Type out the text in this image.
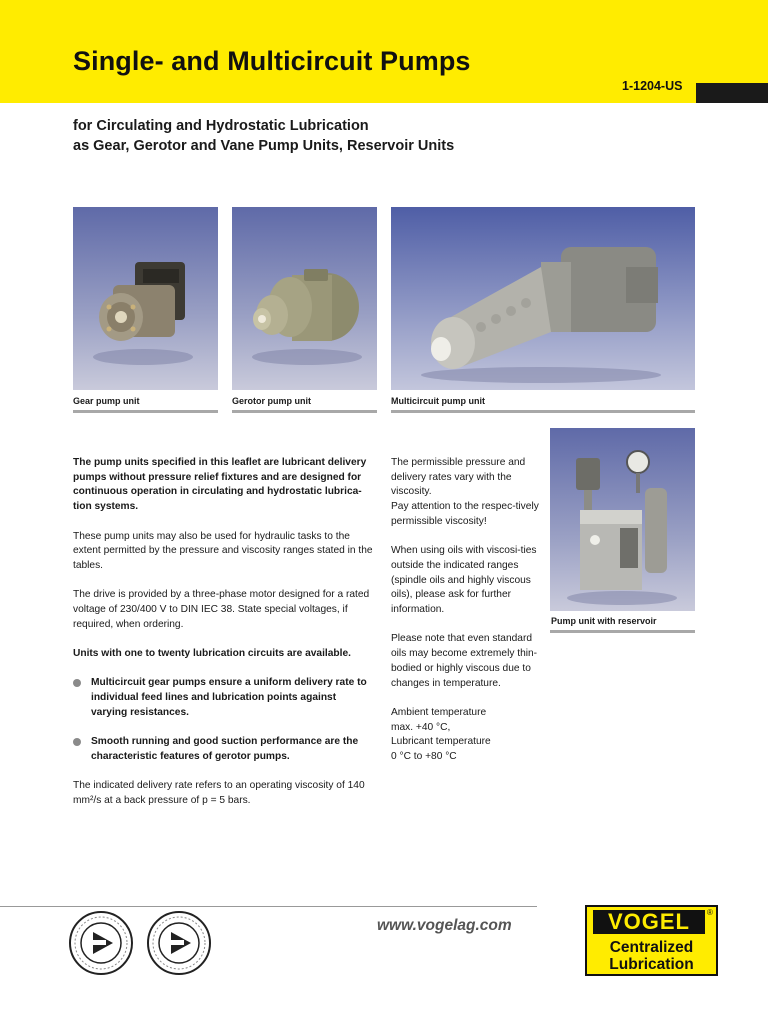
Single- and Multicircuit Pumps
1-1204-US
for Circulating and Hydrostatic Lubrication
as Gear, Gerotor and Vane Pump Units, Reservoir Units
Gear pump unit	Gerotor pump unit	Multicircuit pump unit
Pump unit with reservoir

The pump units specified in this leaflet are lubricant delivery pumps without pressure relief fixtures and are designed for continuous operation in circulating and hydrostatic lubrica-tion systems.

These pump units may also be used for hydraulic tasks to the extent permitted by the pressure and viscosity ranges stated in the tables.

The drive is provided by a three-phase motor designed for a rated voltage of 230/400 V to DIN IEC 38. State special voltages, if required, when ordering.

Units with one to twenty lubrication circuits are available.

Multicircuit gear pumps ensure a uniform delivery rate to individual feed lines and lubrication points against varying resistances.
Smooth running and good suction performance are the characteristic features of gerotor pumps.

The indicated delivery rate refers to an operating viscosity of 140 mm²/s at a back pressure of p = 5 bars.

The permissible pressure and delivery rates vary with the viscosity.

Pay attention to the respec-tively permissible viscosity!

When using oils with viscosi-ties outside the indicated ranges (spindle oils and highly viscous oils), please ask for further information.

Please note that even standard oils may become extremely thin-bodied or highly viscous due to changes in temperature.

Ambient temperature
max. +40 °C,
Lubricant temperature
0 °C to +80 °C
www.vogelag.com	VOGEL	®
Centralized
Lubrication
